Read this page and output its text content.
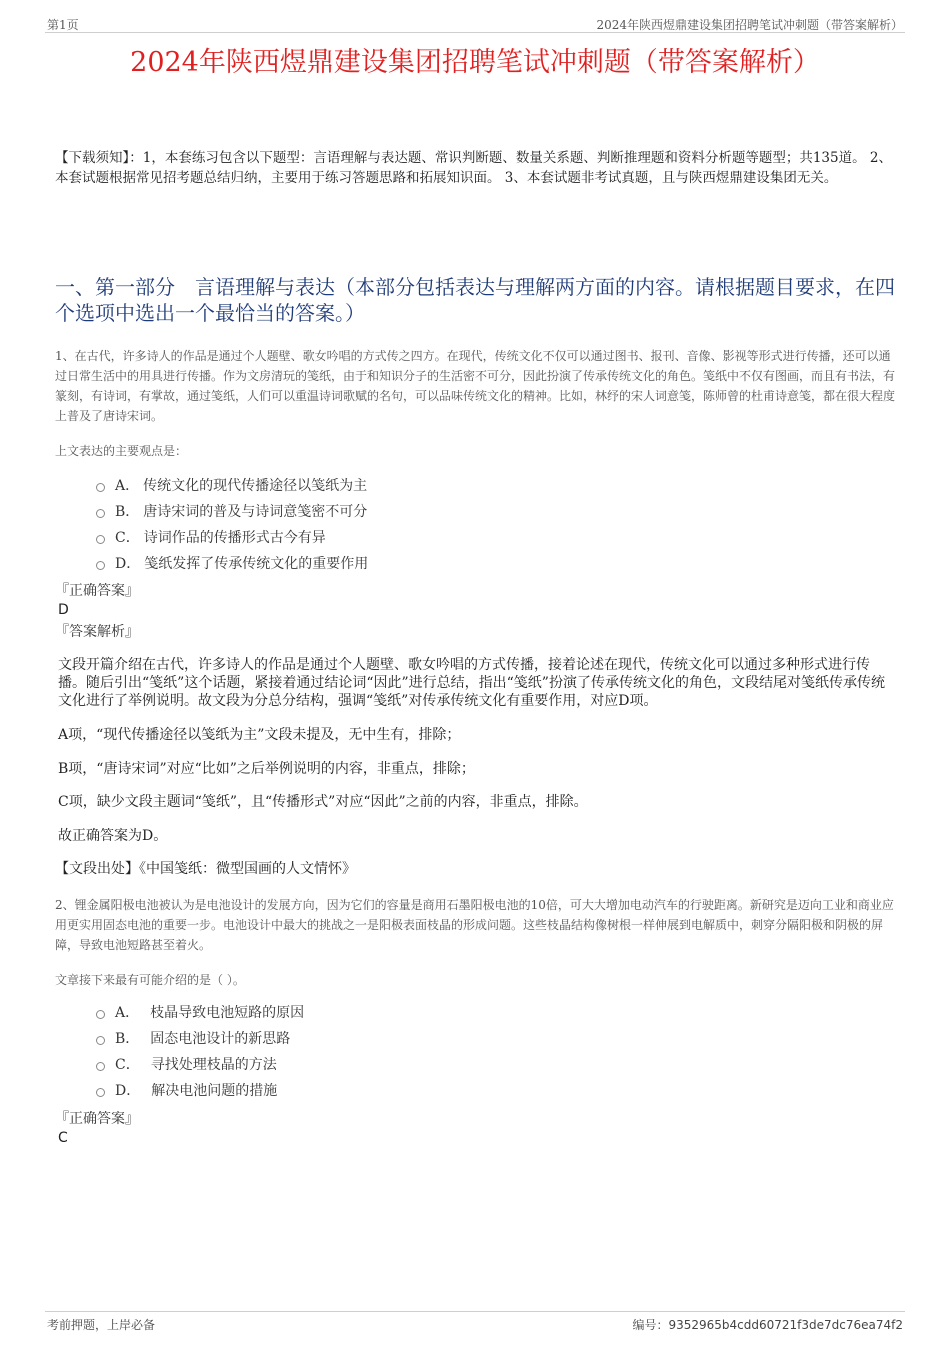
第1页	2024年陕西煜鼎建设集团招聘笔试冲刺题（带答案解析）
2024年陕西煜鼎建设集团招聘笔试冲刺题（带答案解析）
【下载须知】：1，本套练习包含以下题型：言语理解与表达题、常识判断题、数量关系题、判断推理题和资料分析题等题型；共135道。 2、本套试题根据常见招考题总结归纳，主要用于练习答题思路和拓展知识面。 3、本套试题非考试真题，且与陕西煜鼎建设集团无关。
一、第一部分　言语理解与表达（本部分包括表达与理解两方面的内容。请根据题目要求，在四个选项中选出一个最恰当的答案。）
1、在古代，许多诗人的作品是通过个人题壁、歌女吟唱的方式传之四方。在现代，传统文化不仅可以通过图书、报刊、音像、影视等形式进行传播，还可以通过日常生活中的用具进行传播。作为文房清玩的笺纸，由于和知识分子的生活密不可分，因此扮演了传承传统文化的角色。笺纸中不仅有图画，而且有书法，有篆刻，有诗词，有掌故，通过笺纸，人们可以重温诗词歌赋的名句，可以品味传统文化的精神。比如，林纾的宋人词意笺，陈师曾的杜甫诗意笺，都在很大程度上普及了唐诗宋词。
上文表达的主要观点是：
A． 传统文化的现代传播途径以笺纸为主
B． 唐诗宋词的普及与诗词意笺密不可分
C． 诗词作品的传播形式古今有异
D． 笺纸发挥了传承传统文化的重要作用
『正确答案』
D
『答案解析』
文段开篇介绍在古代，许多诗人的作品是通过个人题壁、歌女吟唱的方式传播，接着论述在现代，传统文化可以通过多种形式进行传播。随后引出“笺纸”这个话题，紧接着通过结论词“因此”进行总结，指出“笺纸”扮演了传承传统文化的角色，文段结尾对笺纸传承传统文化进行了举例说明。故文段为分总分结构，强调“笺纸”对传承传统文化有重要作用，对应D项。
A项，“现代传播途径以笺纸为主”文段未提及，无中生有，排除；
B项，“唐诗宋词”对应“比如”之后举例说明的内容，非重点，排除；
C项，缺少文段主题词“笺纸”，且“传播形式”对应“因此”之前的内容，非重点，排除。
故正确答案为D。
【文段出处】《中国笺纸：微型国画的人文情怀》
2、锂金属阳极电池被认为是电池设计的发展方向，因为它们的容量是商用石墨阳极电池的10倍，可大大增加电动汽车的行驶距离。新研究是迈向工业和商业应用更实用固态电池的重要一步。电池设计中最大的挑战之一是阳极表面枝晶的形成问题。这些枝晶结构像树根一样伸展到电解质中，刺穿分隔阳极和阴极的屏障，导致电池短路甚至着火。
文章接下来最有可能介绍的是（ ）。
A．　枝晶导致电池短路的原因
B．　固态电池设计的新思路
C．　寻找处理枝晶的方法
D．　解决电池问题的措施
『正确答案』
C
考前押题，上岸必备	编号：9352965b4cdd60721f3de7dc76ea74f2
